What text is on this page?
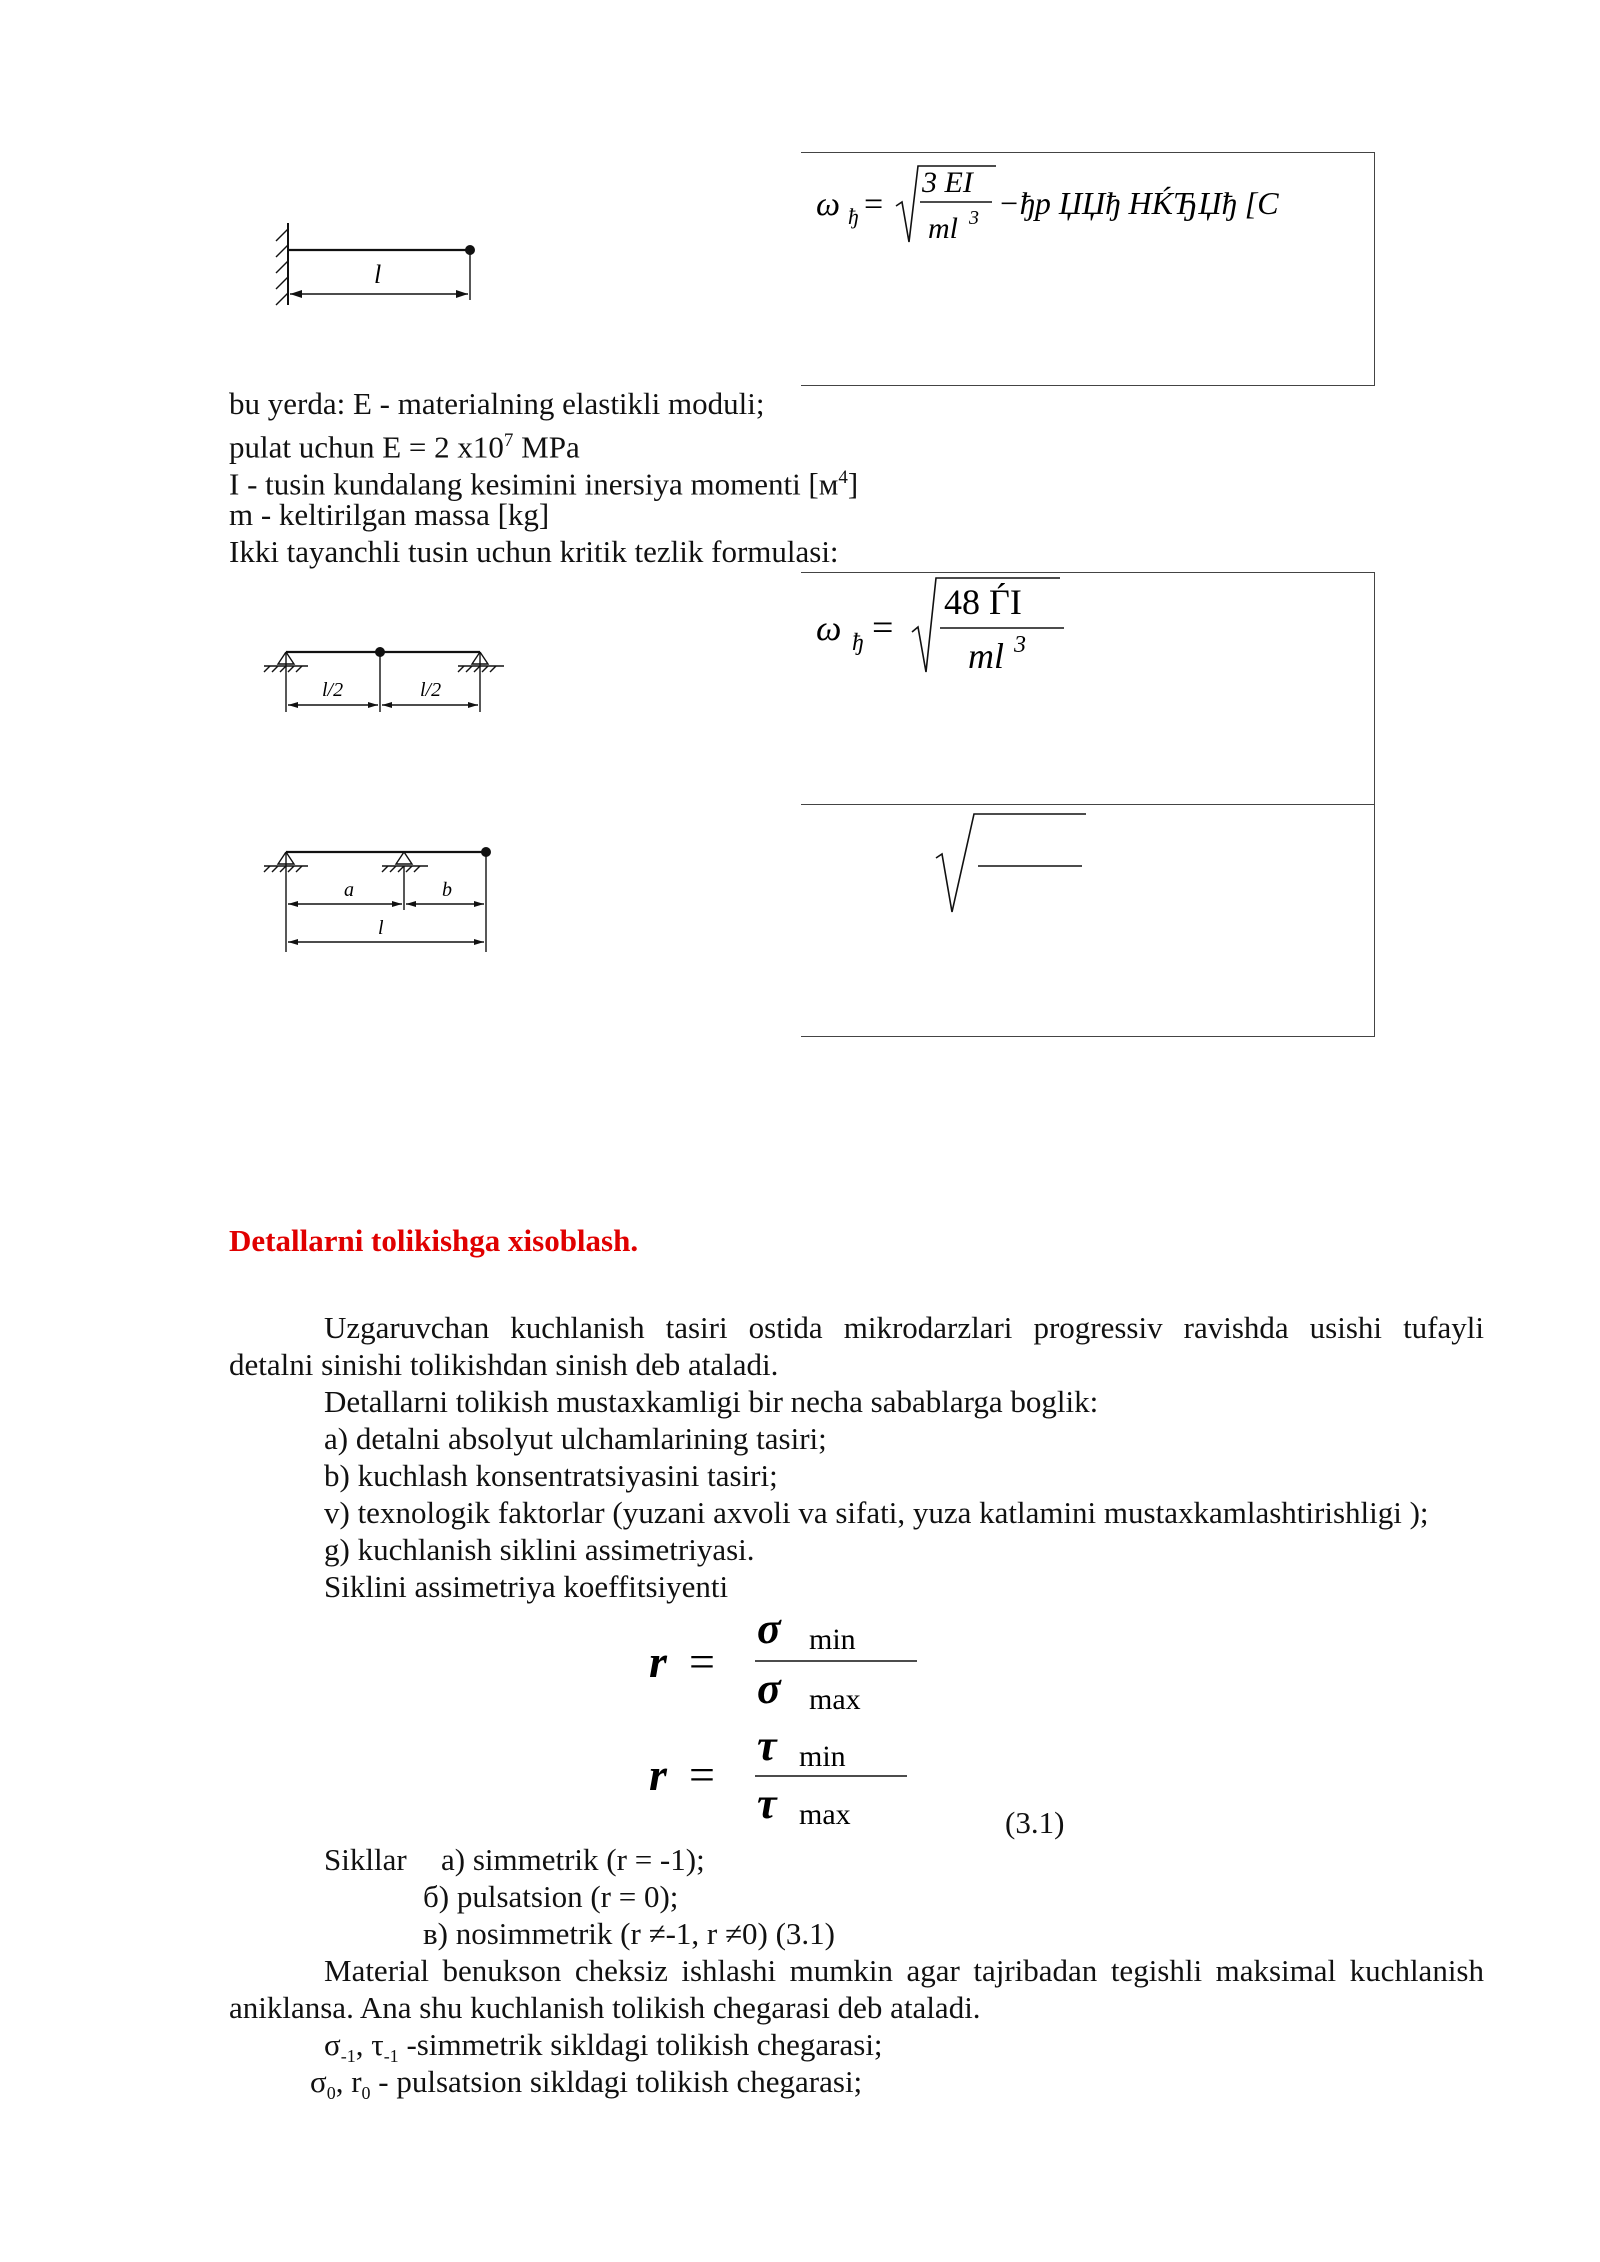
ω ђ =
3 EI
ml 3 −ђр ЏЏђ НЌЂЏђ [С
l
bu yerda: E - materialning elastikli moduli;
pulat uchun E = 2 $x10^7$ MPa
I - tusin kundalang kesimini inersiya momenti $[м^4]$
m - keltirilgan massa [kg]
Ikki tayanchli tusin uchun kritik tezlik formulasi:
ω ђ =
48 ЃI
ml 3
l/2	l/2
a	b
l
Detallarni tolikishga xisoblash.
Uzgaruvchan kuchlanish tasiri ostida mikrodarzlari progressiv ravishda usishi tufayli
detalni sinishi tolikishdan sinish deb ataladi.
Detallarni tolikish mustaxkamligi bir necha sabablarga boglik:
a) detalni absolyut ulchamlarining tasiri;
b) kuchlash konsentratsiyasini tasiri;
v) texnologik faktorlar (yuzani axvoli va sifati, yuza katlamini mustaxkamlashtirishligi );
g) kuchlanish siklini assimetriyasi.
Siklini assimetriya koeffitsiyenti
r =
σ min
σ max
r =
τ min
τ max	(3.1)
Sikllar a) simmetrik (r = -1);
б) pulsatsion (r = 0);
в) nosimmetrik (r ≠-1, r ≠0) (3.1)
Material benukson cheksiz ishlashi mumkin agar tajribadan tegishli maksimal kuchlanish
aniklansa. Ana shu kuchlanish tolikish chegarasi deb ataladi.
$\sigma_{-1}$, $\tau_{-1}$ -simmetrik sikldagi tolikish chegarasi;
$\sigma_0$, $r_0$ - pulsatsion sikldagi tolikish chegarasi;
